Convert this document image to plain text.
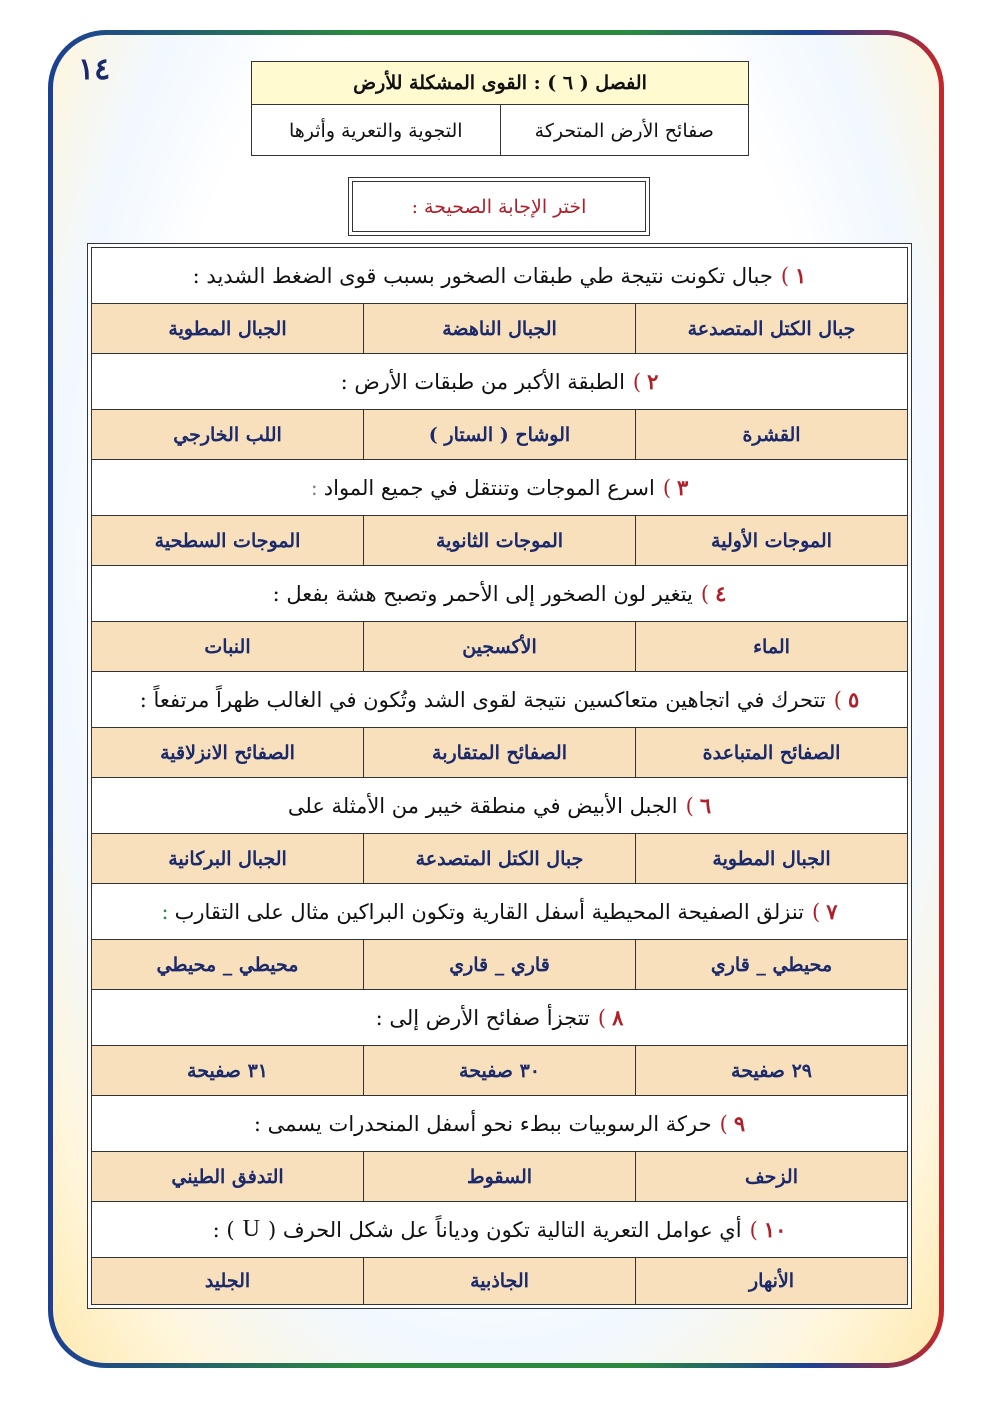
١٤	الفصل ( ٦ ) : القوى المشكلة للأرض
صفائح الأرض المتحركة
التجوية والتعرية وأثرها
اختر الإجابة الصحيحة :
١
)
جبال تكونت نتيجة طي طبقات الصخور بسبب قوى الضغط الشديد :
جبال الكتل المتصدعة
الجبال الناهضة
الجبال المطوية
٢
)
الطبقة الأكبر من طبقات الأرض :
القشرة
الوشاح ( الستار )
اللب الخارجي
٣
)
اسرع الموجات وتنتقل في جميع المواد
:
الموجات الأولية
الموجات الثانوية
الموجات السطحية
٤
)
يتغير لون الصخور إلى الأحمر وتصبح هشة بفعل :
الماء
الأكسجين
النبات
٥
)
تتحرك في اتجاهين متعاكسين نتيجة لقوى الشد وتُكون في الغالب ظهراً مرتفعاً :
الصفائح المتباعدة
الصفائح المتقاربة
الصفائح الانزلاقية
٦
)
الجبل الأبيض في منطقة خيبر من الأمثلة على
الجبال المطوية
جبال الكتل المتصدعة
الجبال البركانية
٧
)
تنزلق الصفيحة المحيطية أسفل القارية وتكون البراكين مثال على التقارب
:
محيطي _ قاري
قاري _ قاري
محيطي _ محيطي
٨
)
تتجزأ صفائح الأرض إلى :
٢٩ صفيحة
٣٠ صفيحة
٣١ صفيحة
٩
)
حركة الرسوبيات ببطء نحو أسفل المنحدرات يسمى :
الزحف
السقوط
التدفق الطيني
١٠
)
أي عوامل التعرية التالية تكون ودياناً عل شكل الحرف (
U
) :
الأنهار
الجاذبية
الجليد
